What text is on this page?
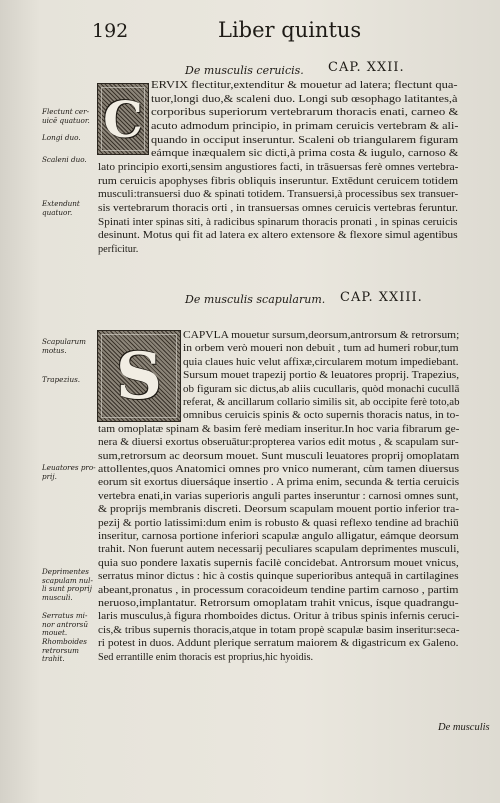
192	Liber quintus
De musculis ceruicis. CAP. XXII.
C
Flectunt cer-uicē quatuor.
Longi duo.
Scaleni duo.
Extendunt quatuor.
ERVIX flectitur,extenditur & mouetur ad latera; flectunt qua-
tuor,longi duo,& scaleni duo. Longi sub œsophago latitantes,à
corporibus superiorum vertebrarum thoracis enati, carneo &
acuto admodum principio, in primam ceruicis vertebram & ali-
quando in occiput inseruntur. Scaleni ob triangularem figuram
eámque inæqualem sic dicti,à prima costa & iugulo, carnoso &
lato principio exorti,sensim angustiores facti, in trāsuersas ferè omnes vertebra-
rum ceruicis apophyses fibris obliquis inseruntur. Extēdunt ceruicem totidem
musculi:transuersi duo & spinati totidem. Transuersi,à processibus sex transuer-
sis vertebrarum thoracis orti , in transuersas omnes ceruicis vertebras feruntur.
Spinati inter spinas siti, à radicibus spinarum thoracis pronati , in spinas ceruicis
desinunt. Motus qui fit ad latera ex altero extensore & flexore simul agentibus
perficitur.
De musculis scapularum. CAP. XXIII.
S
Scapularum motus.
Trapezius.
Leuatores pro-prij.
Deprimentes scapulam nul-li sunt proprij musculi.
Serratus mi-nor antrorsū mouet.
Rhomboides retrorsum trahit.
CAPVLA mouetur sursum,deorsum,antrorsum & retrorsum;
in orbem verò moueri non debuit , tum ad humeri robur,tum
quia claues huic velut affixæ,circularem motum impediebant.
Sursum mouet trapezij portio & leuatores proprij. Trapezius,
ob figuram sic dictus,ab aliis cucullaris, quòd monachi cucullā
referat, & ancillarum collario similis sit, ab occipite ferè toto,ab
omnibus ceruicis spinis & octo supernis thoracis natus, in to-
tam omoplatæ spinam & basim ferè mediam inseritur.In hoc varia fibrarum ge-
nera & diuersi exortus obseruātur:propterea varios edit motus , & scapulam sur-
sum,retrorsum ac deorsum mouet. Sunt musculi leuatores proprij omoplatam
attollentes,quos Anatomici omnes pro vnico numerant, cùm tamen diuersus
eorum sit exortus diuersáque insertio . A prima enim, secunda & tertia ceruicis
vertebra enati,in varias superioris anguli partes inseruntur : carnosi omnes sunt,
& proprijs membranis discreti. Deorsum scapulam mouent portio inferior tra-
pezij & portio latissimi:dum enim is robusto & quasi reflexo tendine ad brachiū
inseritur, carnosa portione inferiori scapulæ angulo alligatur, eámque deorsum
trahit. Non fuerunt autem necessarij peculiares scapulam deprimentes musculi,
quia suo pondere laxatis supernis facilè concidebat. Antrorsum mouet vnicus,
serratus minor dictus : hic à costis quinque superioribus antequā in cartilagines
abeant,pronatus , in processum coracoideum tendine partim carnoso , partim
neruoso,implantatur. Retrorsum omoplatam trahit vnicus, ísque quadrangu-
laris musculus,à figura rhomboides dictus. Oritur à tribus spinis infernis ceruci-
cis,& tribus supernis thoracis,atque in totam propè scapulæ basim inseritur:seca-
ri potest in duos. Addunt plerique serratum maiorem & digastricum ex Galeno.
Sed errantille enim thoracis est proprius,hic hyoidis.
De musculis
